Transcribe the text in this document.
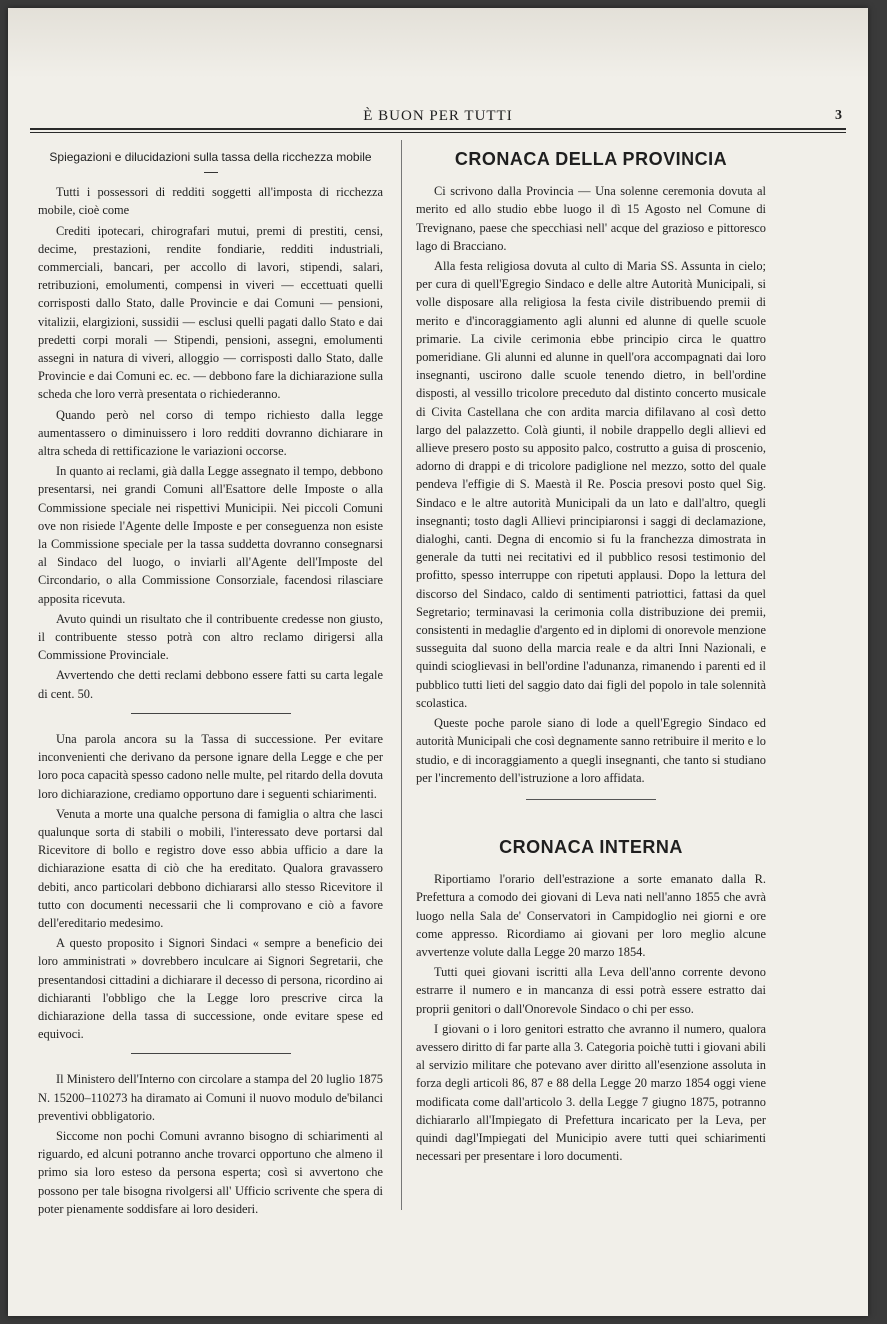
È BUON PER TUTTI	3
Spiegazioni e dilucidazioni sulla tassa della ricchezza mobile

Tutti i possessori di redditi soggetti all'imposta di ricchezza mobile, cioè come

Crediti ipotecari, chirografari mutui, premi di prestiti, censi, decime, prestazioni, rendite fondiarie, redditi industriali, commerciali, bancari, per accollo di lavori, stipendi, salari, retribuzioni, emolumenti, compensi in viveri — eccettuati quelli corrisposti dallo Stato, dalle Provincie e dai Comuni — pensioni, vitalizii, elargizioni, sussidii — esclusi quelli pagati dallo Stato e dai predetti corpi morali — Stipendi, pensioni, assegni, emolumenti assegni in natura di viveri, alloggio — corrisposti dallo Stato, dalle Provincie e dai Comuni ec. ec. — debbono fare la dichiarazione sulla scheda che loro verrà presentata o richiederanno.

Quando però nel corso di tempo richiesto dalla legge aumentassero o diminuissero i loro redditi dovranno dichiarare in altra scheda di rettificazione le variazioni occorse.

In quanto ai reclami, già dalla Legge assegnato il tempo, debbono presentarsi, nei grandi Comuni all'Esattore delle Imposte o alla Commissione speciale nei rispettivi Municipii. Nei piccoli Comuni ove non risiede l'Agente delle Imposte e per conseguenza non esiste la Commissione speciale per la tassa suddetta dovranno consegnarsi al Sindaco del luogo, o inviarli all'Agente dell'Imposte del Circondario, o alla Commissione Consorziale, facendosi rilasciare apposita ricevuta.

Avuto quindi un risultato che il contribuente credesse non giusto, il contribuente stesso potrà con altro reclamo dirigersi alla Commissione Provinciale.

Avvertendo che detti reclami debbono essere fatti su carta legale di cent. 50.

Una parola ancora su la Tassa di successione. Per evitare inconvenienti che derivano da persone ignare della Legge e che per loro poca capacità spesso cadono nelle multe, pel ritardo della dovuta loro dichiarazione, crediamo opportuno dare i seguenti schiarimenti.

Venuta a morte una qualche persona di famiglia o altra che lasci qualunque sorta di stabili o mobili, l'interessato deve portarsi dal Ricevitore di bollo e registro dove esso abbia ufficio a dare la dichiarazione esatta di ciò che ha ereditato. Qualora gravassero debiti, anco particolari debbono dichiararsi allo stesso Ricevitore il tutto con documenti necessarii che li comprovano e ciò a favore dell'ereditario medesimo.

A questo proposito i Signori Sindaci « sempre a beneficio dei loro amministrati » dovrebbero inculcare ai Signori Segretarii, che presentandosi cittadini a dichiarare il decesso di persona, ricordino ai dichiaranti l'obbligo che la Legge loro prescrive circa la dichiarazione della tassa di successione, onde evitare spese ed equivoci.

Il Ministero dell'Interno con circolare a stampa del 20 luglio 1875 N. 15200–110273 ha diramato ai Comuni il nuovo modulo de'bilanci preventivi obbligatorio.

Siccome non pochi Comuni avranno bisogno di schiarimenti al riguardo, ed alcuni potranno anche trovarci opportuno che almeno il primo sia loro esteso da persona esperta; così si avvertono che possono per tale bisogna rivolgersi all' Ufficio scrivente che spera di poter pienamente soddisfare ai loro desideri.

CRONACA DELLA PROVINCIA

Ci scrivono dalla Provincia — Una solenne ceremonia dovuta al merito ed allo studio ebbe luogo il dì 15 Agosto nel Comune di Trevignano, paese che specchiasi nell' acque del grazioso e pittoresco lago di Bracciano.

Alla festa religiosa dovuta al culto di Maria SS. Assunta in cielo; per cura di quell'Egregio Sindaco e delle altre Autorità Municipali, si volle disposare alla religiosa la festa civile distribuendo premii di merito e d'incoraggiamento agli alunni ed alunne di quelle scuole primarie. La civile cerimonia ebbe principio circa le quattro pomeridiane. Gli alunni ed alunne in quell'ora accompagnati dai loro insegnanti, uscirono dalle scuole tenendo dietro, in bell'ordine disposti, al vessillo tricolore preceduto dal distinto concerto musicale di Civita Castellana che con ardita marcia difilavano al così detto largo del palazzetto. Colà giunti, il nobile drappello degli allievi ed allieve presero posto su apposito palco, costrutto a guisa di proscenio, adorno di drappi e di tricolore padiglione nel mezzo, sotto del quale pendeva l'effigie di S. Maestà il Re. Poscia presovi posto quel Sig. Sindaco e le altre autorità Municipali da un lato e dall'altro, quegli insegnanti; tosto dagli Allievi principiaronsi i saggi di declamazione, dialoghi, canti. Degna di encomio si fu la franchezza dimostrata in generale da tutti nei recitativi ed il pubblico resosi testimonio del profitto, spesso interruppe con ripetuti applausi. Dopo la lettura del discorso del Sindaco, caldo di sentimenti patriottici, fattasi da quel Segretario; terminavasi la cerimonia colla distribuzione dei premii, consistenti in medaglie d'argento ed in diplomi di onorevole menzione susseguita dal suono della marcia reale e da altri Inni Nazionali, e quindi scioglievasi in bell'ordine l'adunanza, rimanendo i parenti ed il pubblico tutti lieti del saggio dato dai figli del popolo in tale solennità scolastica.

Queste poche parole siano di lode a quell'Egregio Sindaco ed autorità Municipali che così degnamente sanno retribuire il merito e lo studio, e di incoraggiamento a quegli insegnanti, che tanto si studiano per l'incremento dell'istruzione a loro affidata.

CRONACA INTERNA

Riportiamo l'orario dell'estrazione a sorte emanato dalla R. Prefettura a comodo dei giovani di Leva nati nell'anno 1855 che avrà luogo nella Sala de' Conservatori in Campidoglio nei giorni e ore come appresso. Ricordiamo ai giovani per loro meglio alcune avvertenze volute dalla Legge 20 marzo 1854.

Tutti quei giovani iscritti alla Leva dell'anno corrente devono estrarre il numero e in mancanza di essi potrà essere estratto dai proprii genitori o dall'Onorevole Sindaco o chi per esso.

I giovani o i loro genitori estratto che avranno il numero, qualora avessero diritto di far parte alla 3. Categoria poichè tutti i giovani abili al servizio militare che potevano aver diritto all'esenzione assoluta in forza degli articoli 86, 87 e 88 della Legge 20 marzo 1854 oggi viene modificata come dall'articolo 3. della Legge 7 giugno 1875, potranno dichiararlo all'Impiegato di Prefettura incaricato per la Leva, per quindi dagl'Impiegati del Municipio avere tutti quei schiarimenti necessari per presentare i loro documenti.
